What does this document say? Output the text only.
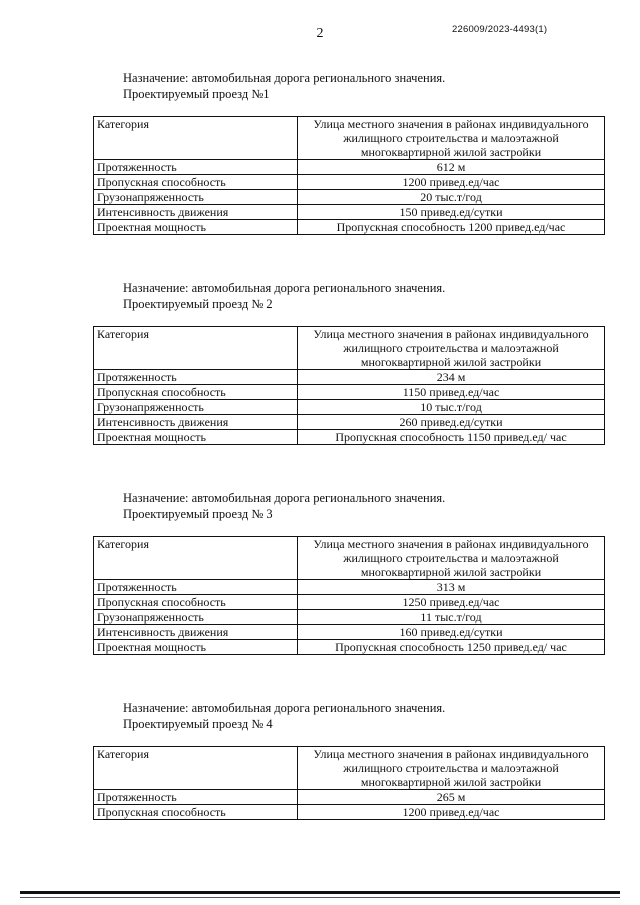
2	226009/2023-4493(1)
Назначение: автомобильная дорога регионального значения.
Проектируемый проезд №1
Категория	Улица местного значения в районах индивидуального жилищного строительства и малоэтажной многоквартирной жилой застройки
Протяженность	612 м
Пропускная способность	1200 привед.ед/час
Грузонапряженность	20 тыс.т/год
Интенсивность движения	150 привед.ед/сутки
Проектная мощность	Пропускная способность 1200 привед.ед/час
Назначение: автомобильная дорога регионального значения.
Проектируемый проезд № 2
Категория	Улица местного значения в районах индивидуального жилищного строительства и малоэтажной многоквартирной жилой застройки
Протяженность	234 м
Пропускная способность	1150 привед.ед/час
Грузонапряженность	10 тыс.т/год
Интенсивность движения	260 привед.ед/сутки
Проектная мощность	Пропускная способность 1150 привед.ед/ час
Назначение: автомобильная дорога регионального значения.
Проектируемый проезд № 3
Категория	Улица местного значения в районах индивидуального жилищного строительства и малоэтажной многоквартирной жилой застройки
Протяженность	313 м
Пропускная способность	1250 привед.ед/час
Грузонапряженность	11 тыс.т/год
Интенсивность движения	160 привед.ед/сутки
Проектная мощность	Пропускная способность 1250 привед.ед/ час
Назначение: автомобильная дорога регионального значения.
Проектируемый проезд № 4
Категория	Улица местного значения в районах индивидуального жилищного строительства и малоэтажной многоквартирной жилой застройки
Протяженность	265 м
Пропускная способность	1200 привед.ед/час
